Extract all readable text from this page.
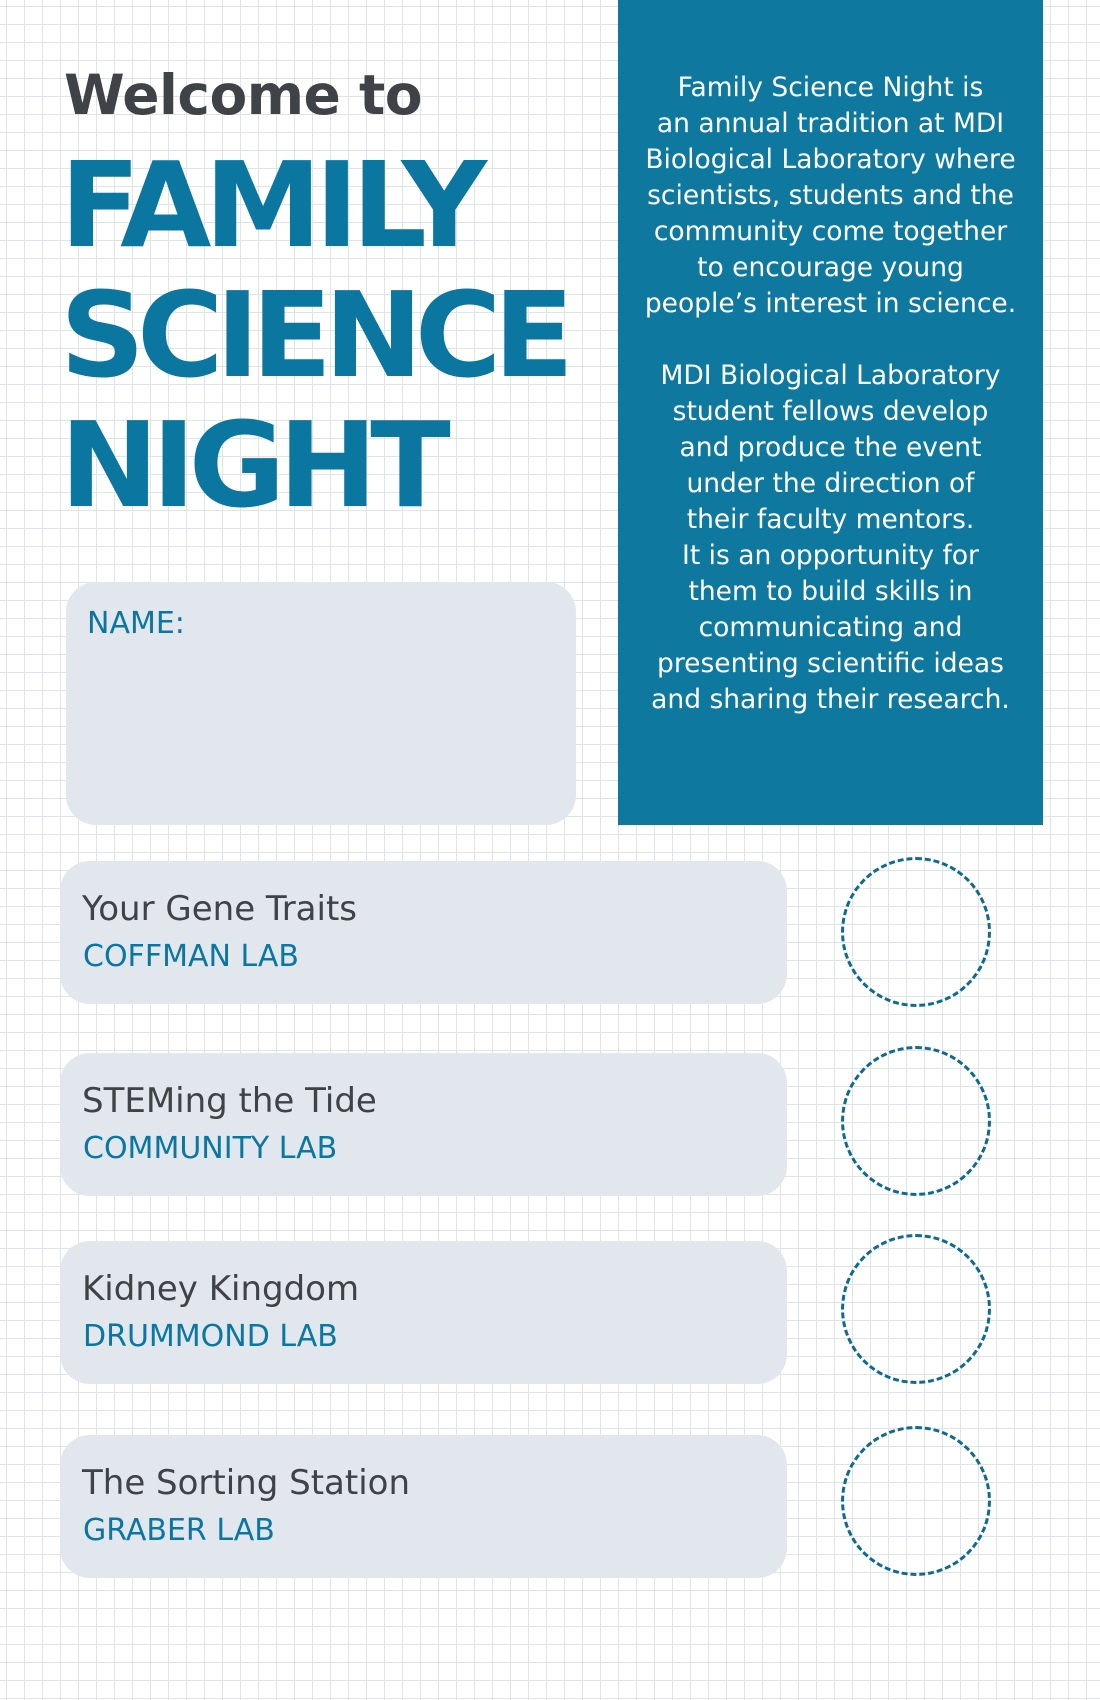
Welcome to
FAMILY
SCIENCE
NIGHT

Family Science Night is
an annual tradition at MDI
Biological Laboratory where
scientists, students and the
community come together
to encourage young
people’s interest in science.

MDI Biological Laboratory
student fellows develop
and produce the event
under the direction of
their faculty mentors.
It is an opportunity for
them to build skills in
communicating and
presenting scientific ideas
and sharing their research.

NAME:
Your Gene Traits
COFFMAN LAB
STEMing the Tide
COMMUNITY LAB
Kidney Kingdom
DRUMMOND LAB
The Sorting Station
GRABER LAB
